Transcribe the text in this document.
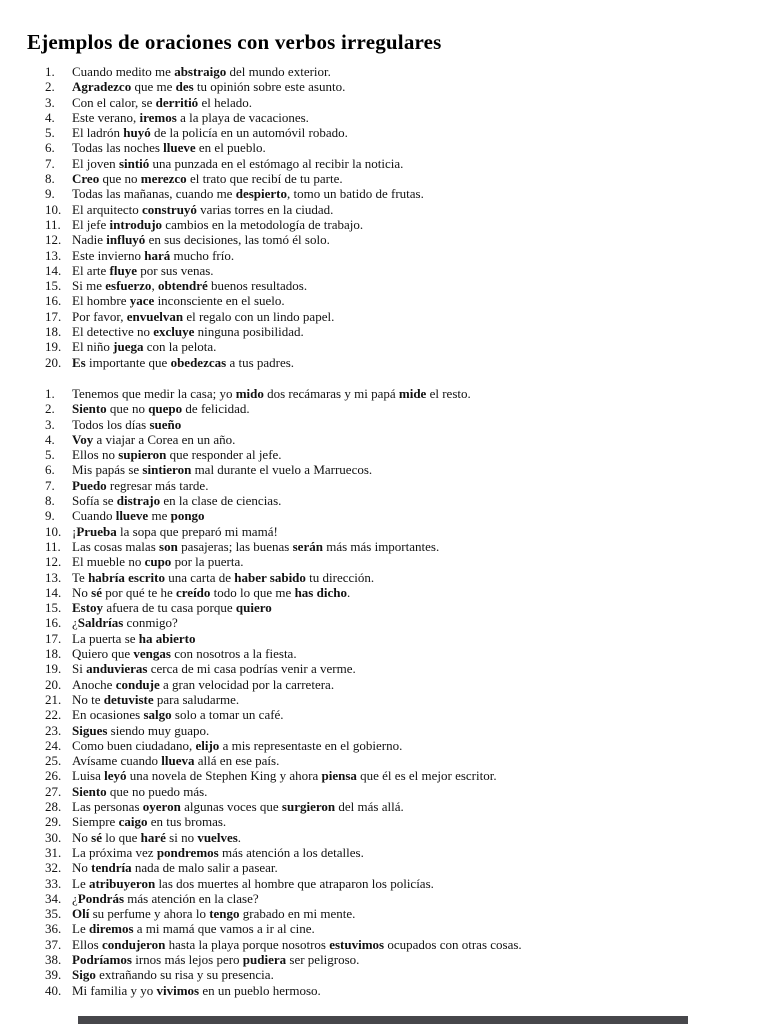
Ejemplos de oraciones con verbos irregulares
1.	Cuando medito me abstraigo del mundo exterior.
2.	Agradezco que me des tu opinión sobre este asunto.
3.	Con el calor, se derritió el helado.
4.	Este verano, iremos a la playa de vacaciones.
5.	El ladrón huyó de la policía en un automóvil robado.
6.	Todas las noches llueve en el pueblo.
7.	El joven sintió una punzada en el estómago al recibir la noticia.
8.	Creo que no merezco el trato que recibí de tu parte.
9.	Todas las mañanas, cuando me despierto, tomo un batido de frutas.
10. El arquitecto construyó varias torres en la ciudad.
11. El jefe introdujo cambios en la metodología de trabajo.
12. Nadie influyó en sus decisiones, las tomó él solo.
13. Este invierno hará mucho frío.
14. El arte fluye por sus venas.
15. Si me esfuerzo, obtendré buenos resultados.
16. El hombre yace inconsciente en el suelo.
17. Por favor, envuelvan el regalo con un lindo papel.
18. El detective no excluye ninguna posibilidad.
19. El niño juega con la pelota.
20. Es importante que obedezcas a tus padres.
1.	Tenemos que medir la casa; yo mido dos recámaras y mi papá mide el resto.
2.	Siento que no quepo de felicidad.
3.	Todos los días sueño
4.	Voy a viajar a Corea en un año.
5.	Ellos no supieron que responder al jefe.
6.	Mis papás se sintieron mal durante el vuelo a Marruecos.
7.	Puedo regresar más tarde.
8.	Sofía se distrajo en la clase de ciencias.
9.	Cuando llueve me pongo
10. ¡Prueba la sopa que preparó mi mamá!
11. Las cosas malas son pasajeras; las buenas serán más más importantes.
12. El mueble no cupo por la puerta.
13. Te habría escrito una carta de haber sabido tu dirección.
14. No sé por qué te he creído todo lo que me has dicho.
15. Estoy afuera de tu casa porque quiero
16. ¿Saldrías conmigo?
17. La puerta se ha abierto
18. Quiero que vengas con nosotros a la fiesta.
19. Si anduvieras cerca de mi casa podrías venir a verme.
20. Anoche conduje a gran velocidad por la carretera.
21. No te detuviste para saludarme.
22. En ocasiones salgo solo a tomar un café.
23. Sigues siendo muy guapo.
24. Como buen ciudadano, elijo a mis representaste en el gobierno.
25. Avísame cuando llueva allá en ese país.
26. Luisa leyó una novela de Stephen King y ahora piensa que él es el mejor escritor.
27. Siento que no puedo más.
28. Las personas oyeron algunas voces que surgieron del más allá.
29. Siempre caigo en tus bromas.
30. No sé lo que haré si no vuelves.
31. La próxima vez pondremos más atención a los detalles.
32. No tendría nada de malo salir a pasear.
33. Le atribuyeron las dos muertes al hombre que atraparon los policías.
34. ¿Pondrás más atención en la clase?
35. Olí su perfume y ahora lo tengo grabado en mi mente.
36. Le diremos a mi mamá que vamos a ir al cine.
37. Ellos condujeron hasta la playa porque nosotros estuvimos ocupados con otras cosas.
38. Podríamos irnos más lejos pero pudiera ser peligroso.
39. Sigo extrañando su risa y su presencia.
40. Mi familia y yo vivimos en un pueblo hermoso.
